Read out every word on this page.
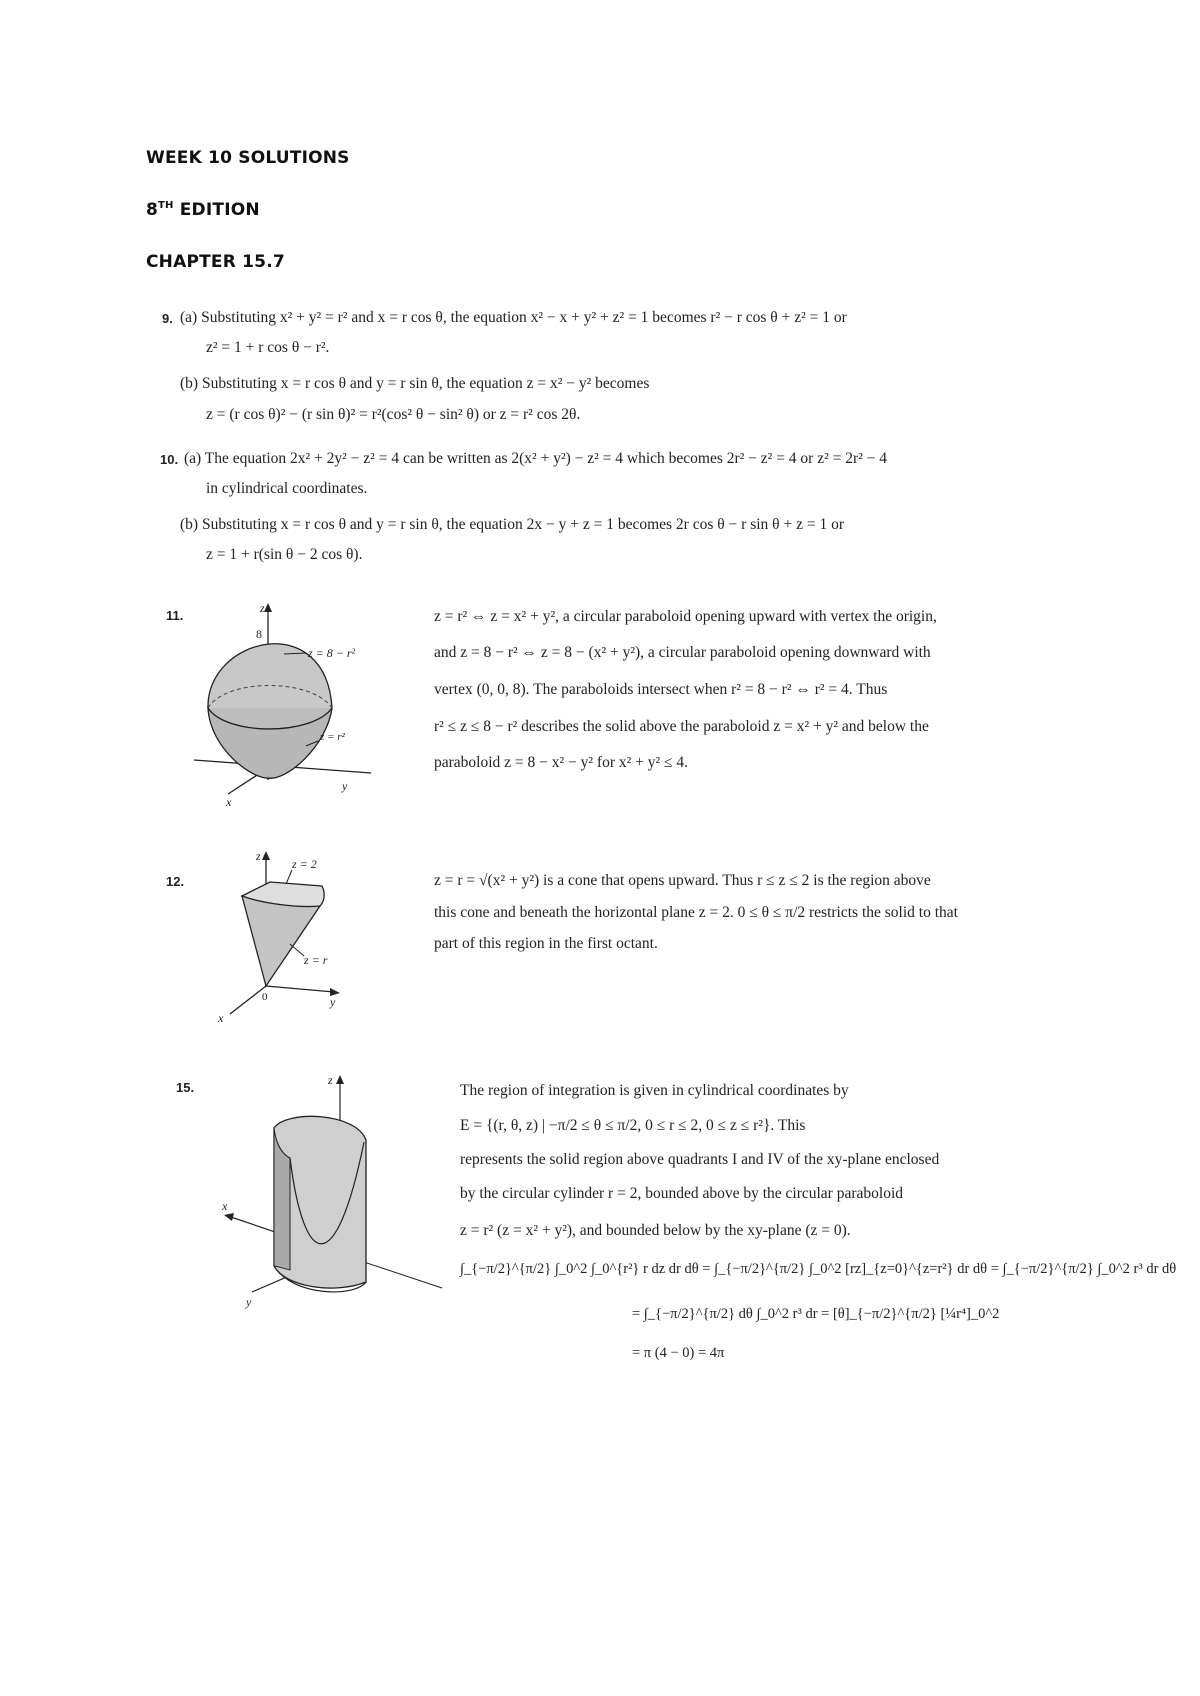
WEEK 10 SOLUTIONS
8TH EDITION
CHAPTER 15.7
9. (a) Substituting x² + y² = r² and x = r cos θ, the equation x² − x + y² + z² = 1 becomes r² − r cos θ + z² = 1 or
z² = 1 + r cos θ − r².
(b) Substituting x = r cos θ and y = r sin θ, the equation z = x² − y² becomes
z = (r cos θ)² − (r sin θ)² = r²(cos² θ − sin² θ) or z = r² cos 2θ.
10. (a) The equation 2x² + 2y² − z² = 4 can be written as 2(x² + y²) − z² = 4 which becomes 2r² − z² = 4 or z² = 2r² − 4
in cylindrical coordinates.
(b) Substituting x = r cos θ and y = r sin θ, the equation 2x − y + z = 1 becomes 2r cos θ − r sin θ + z = 1 or
z = 1 + r(sin θ − 2 cos θ).
11.	z
8
z = 8 − r²
z = r²
x
y
z = r² ⇔ z = x² + y², a circular paraboloid opening upward with vertex the origin,
and z = 8 − r² ⇔ z = 8 − (x² + y²), a circular paraboloid opening downward with
vertex (0, 0, 8). The paraboloids intersect when r² = 8 − r² ⇔ r² = 4. Thus
r² ≤ z ≤ 8 − r² describes the solid above the paraboloid z = x² + y² and below the
paraboloid z = 8 − x² − y² for x² + y² ≤ 4.
12.
z
z = 2
z = r
0
x
y
z = r = √(x² + y²) is a cone that opens upward. Thus r ≤ z ≤ 2 is the region above
this cone and beneath the horizontal plane z = 2. 0 ≤ θ ≤ π/2 restricts the solid to that
part of this region in the first octant.
15.	z
x
y
The region of integration is given in cylindrical coordinates by
E = {(r, θ, z) | −π/2 ≤ θ ≤ π/2, 0 ≤ r ≤ 2, 0 ≤ z ≤ r²}. This
represents the solid region above quadrants I and IV of the xy-plane enclosed
by the circular cylinder r = 2, bounded above by the circular paraboloid
z = r² (z = x² + y²), and bounded below by the xy-plane (z = 0).
∫_{−π/2}^{π/2} ∫_0^2 ∫_0^{r²} r dz dr dθ = ∫_{−π/2}^{π/2} ∫_0^2 [rz]_{z=0}^{z=r²} dr dθ = ∫_{−π/2}^{π/2} ∫_0^2 r³ dr dθ
= ∫_{−π/2}^{π/2} dθ ∫_0^2 r³ dr = [θ]_{−π/2}^{π/2} [¼r⁴]_0^2
= π (4 − 0) = 4π
